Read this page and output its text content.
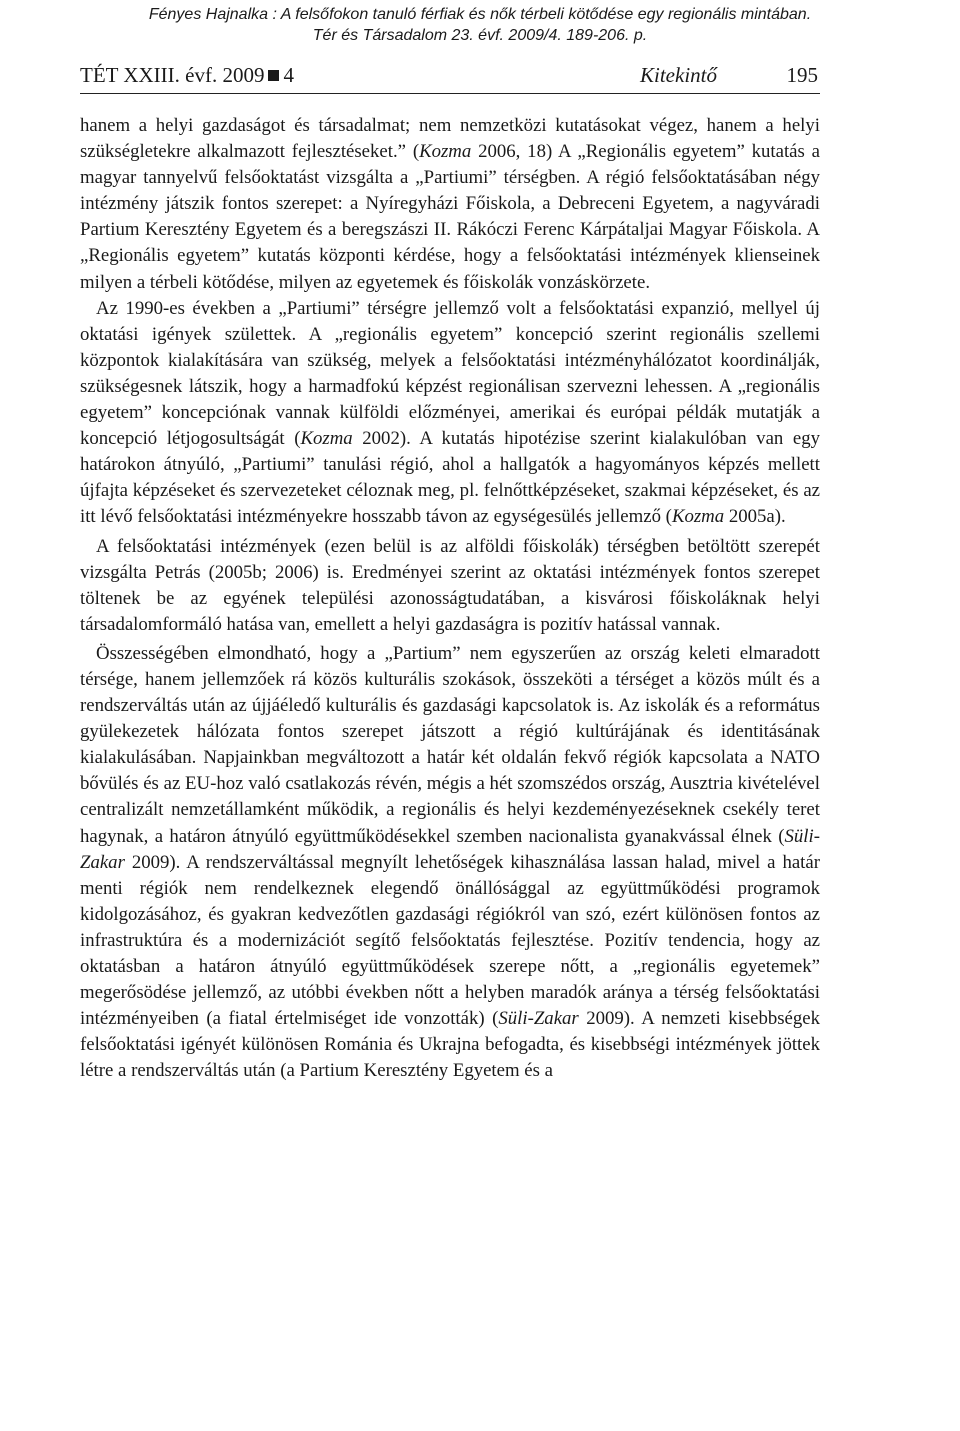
Fényes Hajnalka : A felsőfokon tanuló férfiak és nők térbeli kötődése egy regionális mintában.
Tér és Társadalom 23. évf. 2009/4. 189-206. p.
TÉT XXIII. évf. 2009 4	Kitekintő	195

hanem a helyi gazdaságot és társadalmat; nem nemzetközi kutatásokat végez, hanem a helyi szükségletekre alkalmazott fejlesztéseket.” (Kozma 2006, 18) A „Regionális egyetem” kutatás a magyar tannyelvű felsőoktatást vizsgálta a „Partiumi” térségben. A régió felsőoktatásában négy intézmény játszik fontos szerepet: a Nyíregyházi Főiskola, a Debreceni Egyetem, a nagyváradi Partium Keresztény Egyetem és a beregszászi II. Rákóczi Ferenc Kárpátaljai Magyar Főiskola. A „Regionális egyetem” kutatás központi kérdése, hogy a felsőoktatási intézmények klienseinek milyen a térbeli kötődése, milyen az egyetemek és főiskolák vonzáskörzete.

Az 1990-es években a „Partiumi” térségre jellemző volt a felsőoktatási expanzió, mellyel új oktatási igények születtek. A „regionális egyetem” koncepció szerint regionális szellemi központok kialakítására van szükség, melyek a felsőoktatási intézményhálózatot koordinálják, szükségesnek látszik, hogy a harmadfokú képzést regionálisan szervezni lehessen. A „regionális egyetem” koncepciónak vannak külföldi előzményei, amerikai és európai példák mutatják a koncepció létjogosultságát (Kozma 2002). A kutatás hipotézise szerint kialakulóban van egy határokon átnyúló, „Partiumi” tanulási régió, ahol a hallgatók a hagyományos képzés mellett újfajta képzéseket és szervezeteket céloznak meg, pl. felnőttképzéseket, szakmai képzéseket, és az itt lévő felsőoktatási intézményekre hosszabb távon az egységesülés jellemző (Kozma 2005a).

A felsőoktatási intézmények (ezen belül is az alföldi főiskolák) térségben betöltött szerepét vizsgálta Petrás (2005b; 2006) is. Eredményei szerint az oktatási intézmények fontos szerepet töltenek be az egyének települési azonosságtudatában, a kisvárosi főiskoláknak helyi társadalomformáló hatása van, emellett a helyi gazdaságra is pozitív hatással vannak.

Összességében elmondható, hogy a „Partium” nem egyszerűen az ország keleti elmaradott térsége, hanem jellemzőek rá közös kulturális szokások, összeköti a térséget a közös múlt és a rendszerváltás után az újjáéledő kulturális és gazdasági kapcsolatok is. Az iskolák és a református gyülekezetek hálózata fontos szerepet játszott a régió kultúrájának és identitásának kialakulásában. Napjainkban megváltozott a határ két oldalán fekvő régiók kapcsolata a NATO bővülés és az EU-hoz való csatlakozás révén, mégis a hét szomszédos ország, Ausztria kivételével centralizált nemzetállamként működik, a regionális és helyi kezdeményezéseknek csekély teret hagynak, a határon átnyúló együttműködésekkel szemben nacionalista gyanakvással élnek (Süli-Zakar 2009). A rendszerváltással megnyílt lehetőségek kihasználása lassan halad, mivel a határ menti régiók nem rendelkeznek elegendő önállósággal az együttműködési programok kidolgozásához, és gyakran kedvezőtlen gazdasági régiókról van szó, ezért különösen fontos az infrastruktúra és a modernizációt segítő felsőoktatás fejlesztése. Pozitív tendencia, hogy az oktatásban a határon átnyúló együttműködések szerepe nőtt, a „regionális egyetemek” megerősödése jellemző, az utóbbi években nőtt a helyben maradók aránya a térség felsőoktatási intézményeiben (a fiatal értelmiséget ide vonzották) (Süli-Zakar 2009). A nemzeti kisebbségek felsőoktatási igényét különösen Románia és Ukrajna befogadta, és kisebbségi intézmények jöttek létre a rendszerváltás után (a Partium Keresztény Egyetem és a
